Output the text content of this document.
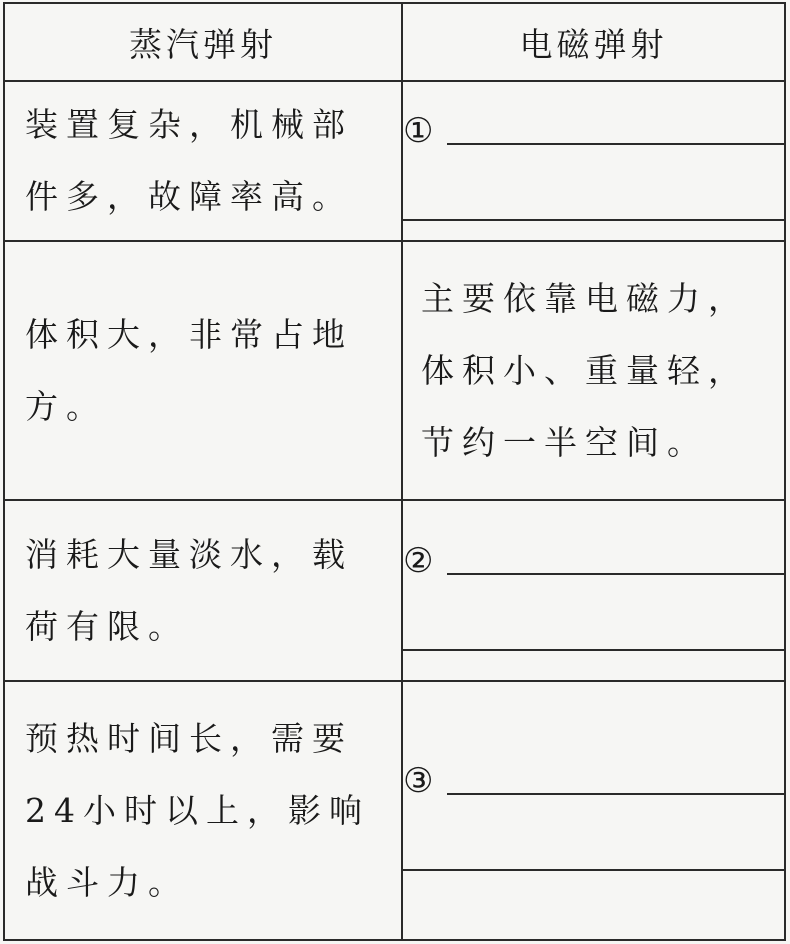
蒸汽弹射	电磁弹射

装置复杂，机械部件多，故障率高。	①

体积大，非常占地方。	主要依靠电磁力，体积小、重量轻，节约一半空间。

消耗大量淡水，载荷有限。	②

预热时间长，需要24小时以上，影响战斗力。	③
